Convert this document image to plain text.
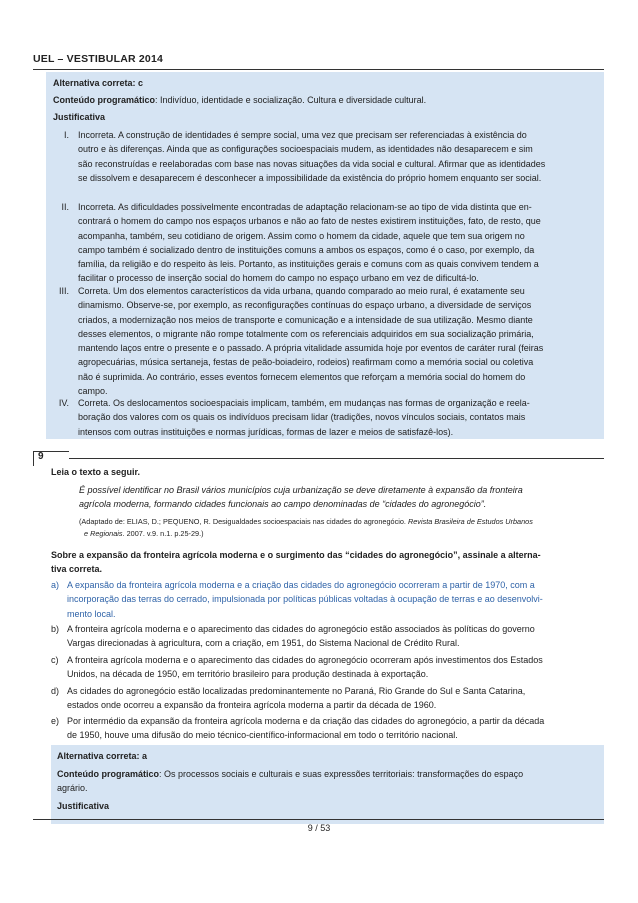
UEL – VESTIBULAR 2014
Alternativa correta: c
Conteúdo programático: Indivíduo, identidade e socialização. Cultura e diversidade cultural.
Justificativa
I. Incorreta. A construção de identidades é sempre social, uma vez que precisam ser referenciadas à existência do
outro e às diferenças. Ainda que as configurações socioespaciais mudem, as identidades não desaparecem e sim
são reconstruídas e reelaboradas com base nas novas situações da vida social e cultural. Afirmar que as identidades
se dissolvem e desaparecem é desconhecer a impossibilidade da existência do próprio homem enquanto ser social.
II. Incorreta. As dificuldades possivelmente encontradas de adaptação relacionam-se ao tipo de vida distinta que en-
contrará o homem do campo nos espaços urbanos e não ao fato de nestes existirem instituições, fato, de resto, que
acompanha, também, seu cotidiano de origem. Assim como o homem da cidade, aquele que tem sua origem no
campo também é socializado dentro de instituições comuns a ambos os espaços, como é o caso, por exemplo, da
família, da religião e do respeito às leis. Portanto, as instituições gerais e comuns com as quais convivem tendem a
facilitar o processo de inserção social do homem do campo no espaço urbano em vez de dificultá-lo.
III. Correta. Um dos elementos característicos da vida urbana, quando comparado ao meio rural, é exatamente seu
dinamismo. Observe-se, por exemplo, as reconfigurações contínuas do espaço urbano, a diversidade de serviços
criados, a modernização nos meios de transporte e comunicação e a intensidade de sua utilização. Mesmo diante
desses elementos, o migrante não rompe totalmente com os referenciais adquiridos em sua socialização primária,
mantendo laços entre o presente e o passado. A própria vitalidade assumida hoje por eventos de caráter rural (feiras
agropecuárias, música sertaneja, festas de peão-boiadeiro, rodeios) reafirmam como a memória social ou coletiva
não é suprimida. Ao contrário, esses eventos fornecem elementos que reforçam a memória social do homem do
campo.
IV. Correta. Os deslocamentos socioespaciais implicam, também, em mudanças nas formas de organização e reela-
boração dos valores com os quais os indivíduos precisam lidar (tradições, novos vínculos sociais, contatos mais
intensos com outras instituições e normas jurídicas, formas de lazer e meios de satisfazê-los).
9
Leia o texto a seguir.
É possível identificar no Brasil vários municípios cuja urbanização se deve diretamente à expansão da fronteira
agrícola moderna, formando cidades funcionais ao campo denominadas de “cidades do agronegócio”.
(Adaptado de: ELIAS, D.; PEQUENO, R. Desigualdades socioespaciais nas cidades do agronegócio. Revista Brasileira de Estudos Urbanos
e Regionais. 2007. v.9. n.1. p.25-29.)
Sobre a expansão da fronteira agrícola moderna e o surgimento das “cidades do agronegócio”, assinale a alterna-
tiva correta.
a) A expansão da fronteira agrícola moderna e a criação das cidades do agronegócio ocorreram a partir de 1970, com a
incorporação das terras do cerrado, impulsionada por políticas públicas voltadas à ocupação de terras e ao desenvolvi-
mento local.
b) A fronteira agrícola moderna e o aparecimento das cidades do agronegócio estão associados às políticas do governo
Vargas direcionadas à agricultura, com a criação, em 1951, do Sistema Nacional de Crédito Rural.
c) A fronteira agrícola moderna e o aparecimento das cidades do agronegócio ocorreram após investimentos dos Estados
Unidos, na década de 1950, em território brasileiro para produção destinada à exportação.
d) As cidades do agronegócio estão localizadas predominantemente no Paraná, Rio Grande do Sul e Santa Catarina,
estados onde ocorreu a expansão da fronteira agrícola moderna a partir da década de 1960.
e) Por intermédio da expansão da fronteira agrícola moderna e da criação das cidades do agronegócio, a partir da década
de 1950, houve uma difusão do meio técnico-científico-informacional em todo o território nacional.
Alternativa correta: a
Conteúdo programático: Os processos sociais e culturais e suas expressões territoriais: transformações do espaço
agrário.
Justificativa
9 / 53
